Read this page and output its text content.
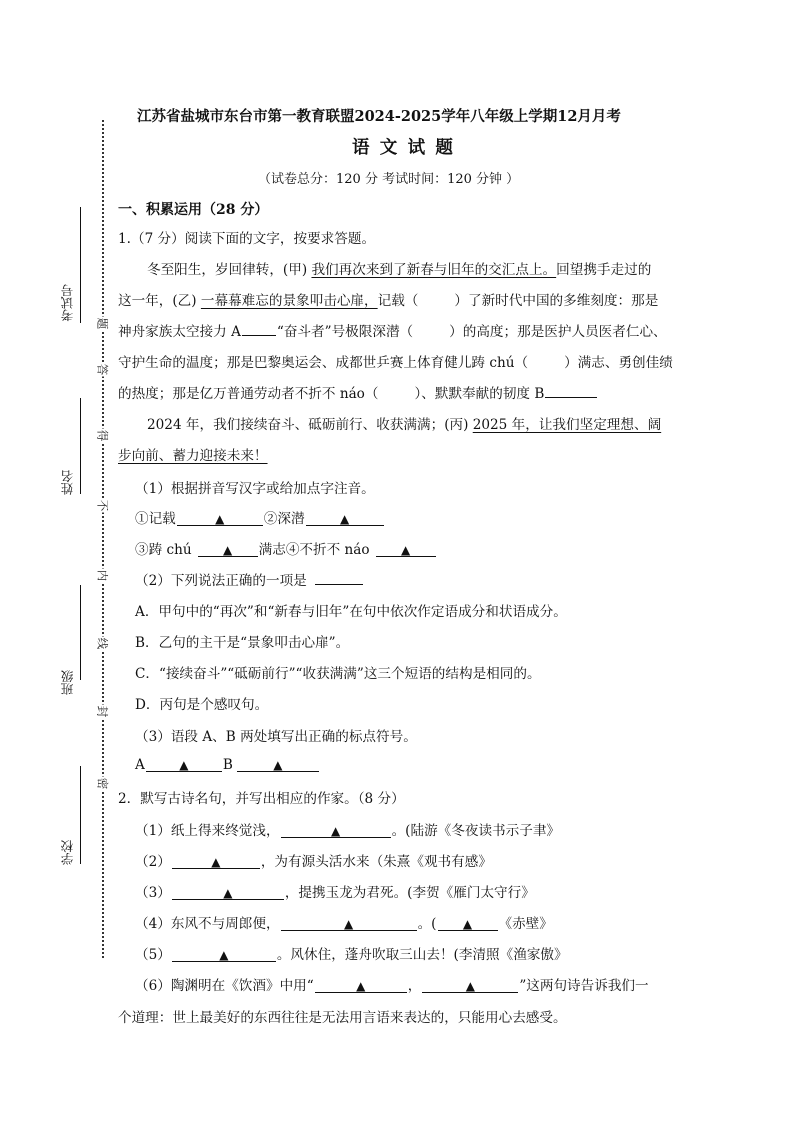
题
答
得
不
内
线
封
密
考试号
姓名
班级
学校
江苏省盐城市东台市第一教育联盟2024-2025学年八年级上学期12月月考
语 文 试 题
（试卷总分：120 分 考试时间：120 分钟 ）
一、积累运用（28 分）
1.（7 分）阅读下面的文字，按要求答题。
冬至阳生，岁回律转，(甲) 我们再次来到了新春与旧年的交汇点上。回望携手走过的
这一年，(乙) 一幕幕难忘的景象叩击心扉，记载（	）了新时代中国的多维刻度：那是
神舟家族太空接力 A	“奋斗者”号极限深潜（	）的高度；那是医护人员医者仁心、
守护生命的温度；那是巴黎奥运会、成都世乒赛上体育健儿踌 chú（	）满志、勇创佳绩
的热度；那是亿万普通劳动者不折不 náo（	）、默默奉献的韧度 B
2024 年，我们接续奋斗、砥砺前行、收获满满；(丙) 2025 年，让我们坚定理想、阔
步向前、蓄力迎接未来！
（1）根据拼音写汉字或给加点字注音。
①记载	▲	②深潜	▲
③踌 chú	▲ 满志④不折不 náo	▲
（2）下列说法正确的一项是
A．甲句中的“再次”和“新春与旧年”在句中依次作定语成分和状语成分。
B．乙句的主干是“景象叩击心扉”。
C．“接续奋斗”“砥砺前行”“收获满满”这三个短语的结构是相同的。
D．丙句是个感叹句。
（3）语段 A、B 两处填写出正确的标点符号。
A	▲	B	▲
2．默写古诗名句，并写出相应的作家。（8 分）
（1）纸上得来终觉浅，	▲	。(陆游《冬夜读书示子聿》
（2）	▲	，为有源头活水来（朱熹《观书有感》
（3）	▲	，提携玉龙为君死。(李贺《雁门太守行》
（4）东风不与周郎便，	▲	。( ▲ 《赤壁》
（5）	▲	。风休住，蓬舟吹取三山去！(李清照《渔家傲》
（6）陶渊明在《饮酒》中用“	▲	，	▲	”这两句诗告诉我们一
个道理：世上最美好的东西往往是无法用言语来表达的，只能用心去感受。
